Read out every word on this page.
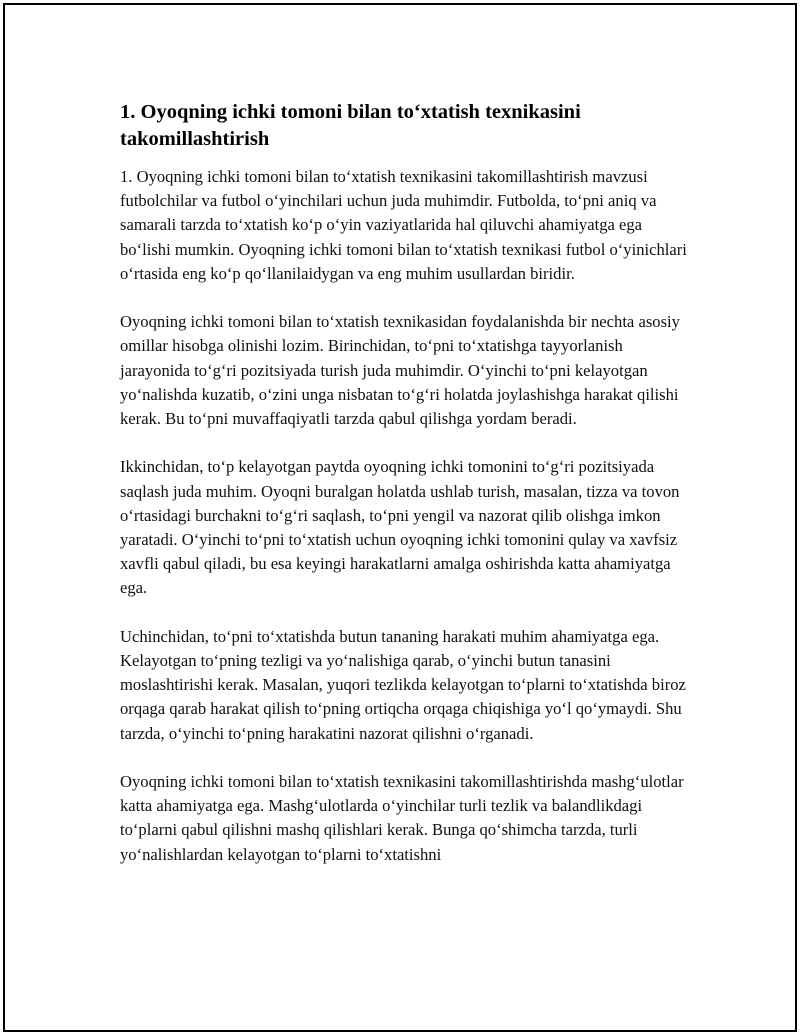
1. Oyoqning ichki tomoni bilan to‘xtatish texnikasini takomillashtirish

1. Oyoqning ichki tomoni bilan to‘xtatish texnikasini takomillashtirish mavzusi futbolchilar va futbol o‘yinchilari uchun juda muhimdir. Futbolda, to‘pni aniq va samarali tarzda to‘xtatish ko‘p o‘yin vaziyatlarida hal qiluvchi ahamiyatga ega bo‘lishi mumkin. Oyoqning ichki tomoni bilan to‘xtatish texnikasi futbol o‘yinichlari o‘rtasida eng ko‘p qo‘llanilaidygan va eng muhim usullardan biridir.

Oyoqning ichki tomoni bilan to‘xtatish texnikasidan foydalanishda bir nechta asosiy omillar hisobga olinishi lozim. Birinchidan, to‘pni to‘xtatishga tayyorlanish jarayonida to‘g‘ri pozitsiyada turish juda muhimdir. O‘yinchi to‘pni kelayotgan yo‘nalishda kuzatib, o‘zini unga nisbatan to‘g‘ri holatda joylashishga harakat qilishi kerak. Bu to‘pni muvaffaqiyatli tarzda qabul qilishga yordam beradi.

Ikkinchidan, to‘p kelayotgan paytda oyoqning ichki tomonini to‘g‘ri pozitsiyada saqlash juda muhim. Oyoqni buralgan holatda ushlab turish, masalan, tizza va tovon o‘rtasidagi burchakni to‘g‘ri saqlash, to‘pni yengil va nazorat qilib olishga imkon yaratadi. O‘yinchi to‘pni to‘xtatish uchun oyoqning ichki tomonini qulay va xavfsiz xavfli qabul qiladi, bu esa keyingi harakatlarni amalga oshirishda katta ahamiyatga ega.

Uchinchidan, to‘pni to‘xtatishda butun tananing harakati muhim ahamiyatga ega. Kelayotgan to‘pning tezligi va yo‘nalishiga qarab, o‘yinchi butun tanasini moslashtirishi kerak. Masalan, yuqori tezlikda kelayotgan to‘plarni to‘xtatishda biroz orqaga qarab harakat qilish to‘pning ortiqcha orqaga chiqishiga yo‘l qo‘ymaydi. Shu tarzda, o‘yinchi to‘pning harakatini nazorat qilishni o‘rganadi.

Oyoqning ichki tomoni bilan to‘xtatish texnikasini takomillashtirishda mashg‘ulotlar katta ahamiyatga ega. Mashg‘ulotlarda o‘yinchilar turli tezlik va balandlikdagi to‘plarni qabul qilishni mashq qilishlari kerak. Bunga qo‘shimcha tarzda, turli yo‘nalishlardan kelayotgan to‘plarni to‘xtatishni
